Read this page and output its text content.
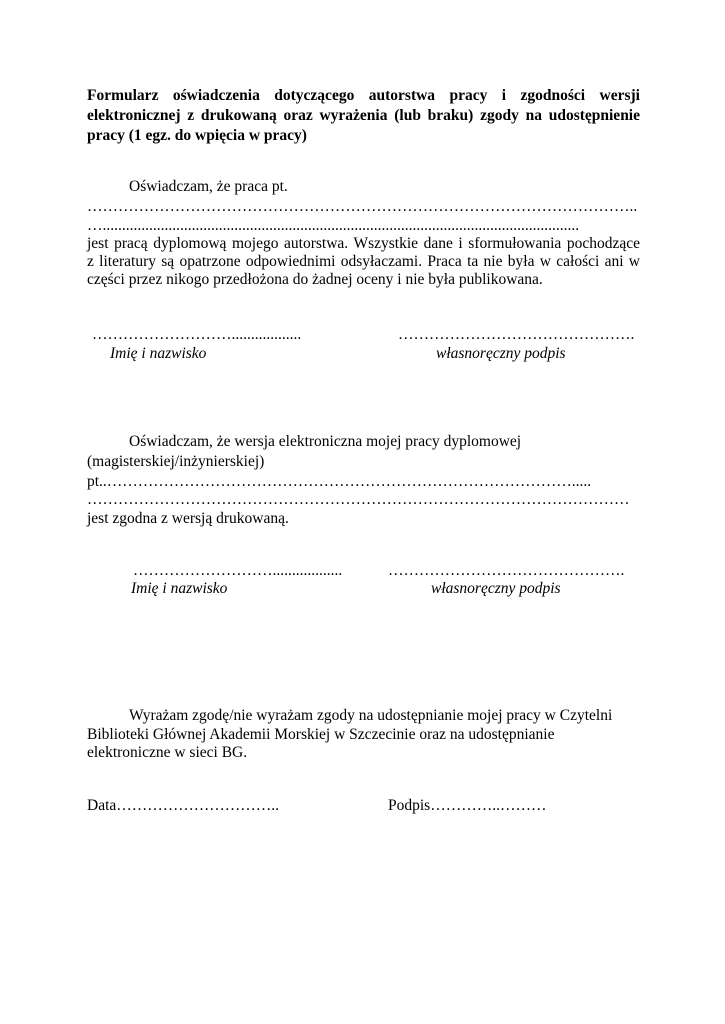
Formularz oświadczenia dotyczącego autorstwa pracy i zgodności wersji
elektronicznej z drukowaną oraz wyrażenia (lub braku) zgody na udostępnienie
pracy (1 egz. do wpięcia w pracy)
Oświadczam, że praca pt.
……………………………………………………………………………………………..
…...........................................................................................................................
jest pracą dyplomową mojego autorstwa. Wszystkie dane i sformułowania pochodzące
z literatury są opatrzone odpowiednimi odsyłaczami. Praca ta nie była w całości ani w
części przez nikogo przedłożona do żadnej oceny i nie była publikowana.
………………………..................	……………………………………….
Imię i nazwisko	własnoręczny podpis
Oświadczam, że wersja elektroniczna mojej pracy dyplomowej
(magisterskiej/inżynierskiej)
pt..……………………………………………………………………………….....
……………………………………………………………………………………………
jest zgodna z wersją drukowaną.
………………………..................	……………………………………….
Imię i nazwisko	własnoręczny podpis
Wyrażam zgodę/nie wyrażam zgody na udostępnianie mojej pracy w Czytelni
Biblioteki Głównej Akademii Morskiej w Szczecinie oraz na udostępnianie
elektroniczne w sieci BG.
Data…………………………..	Podpis…………..………
